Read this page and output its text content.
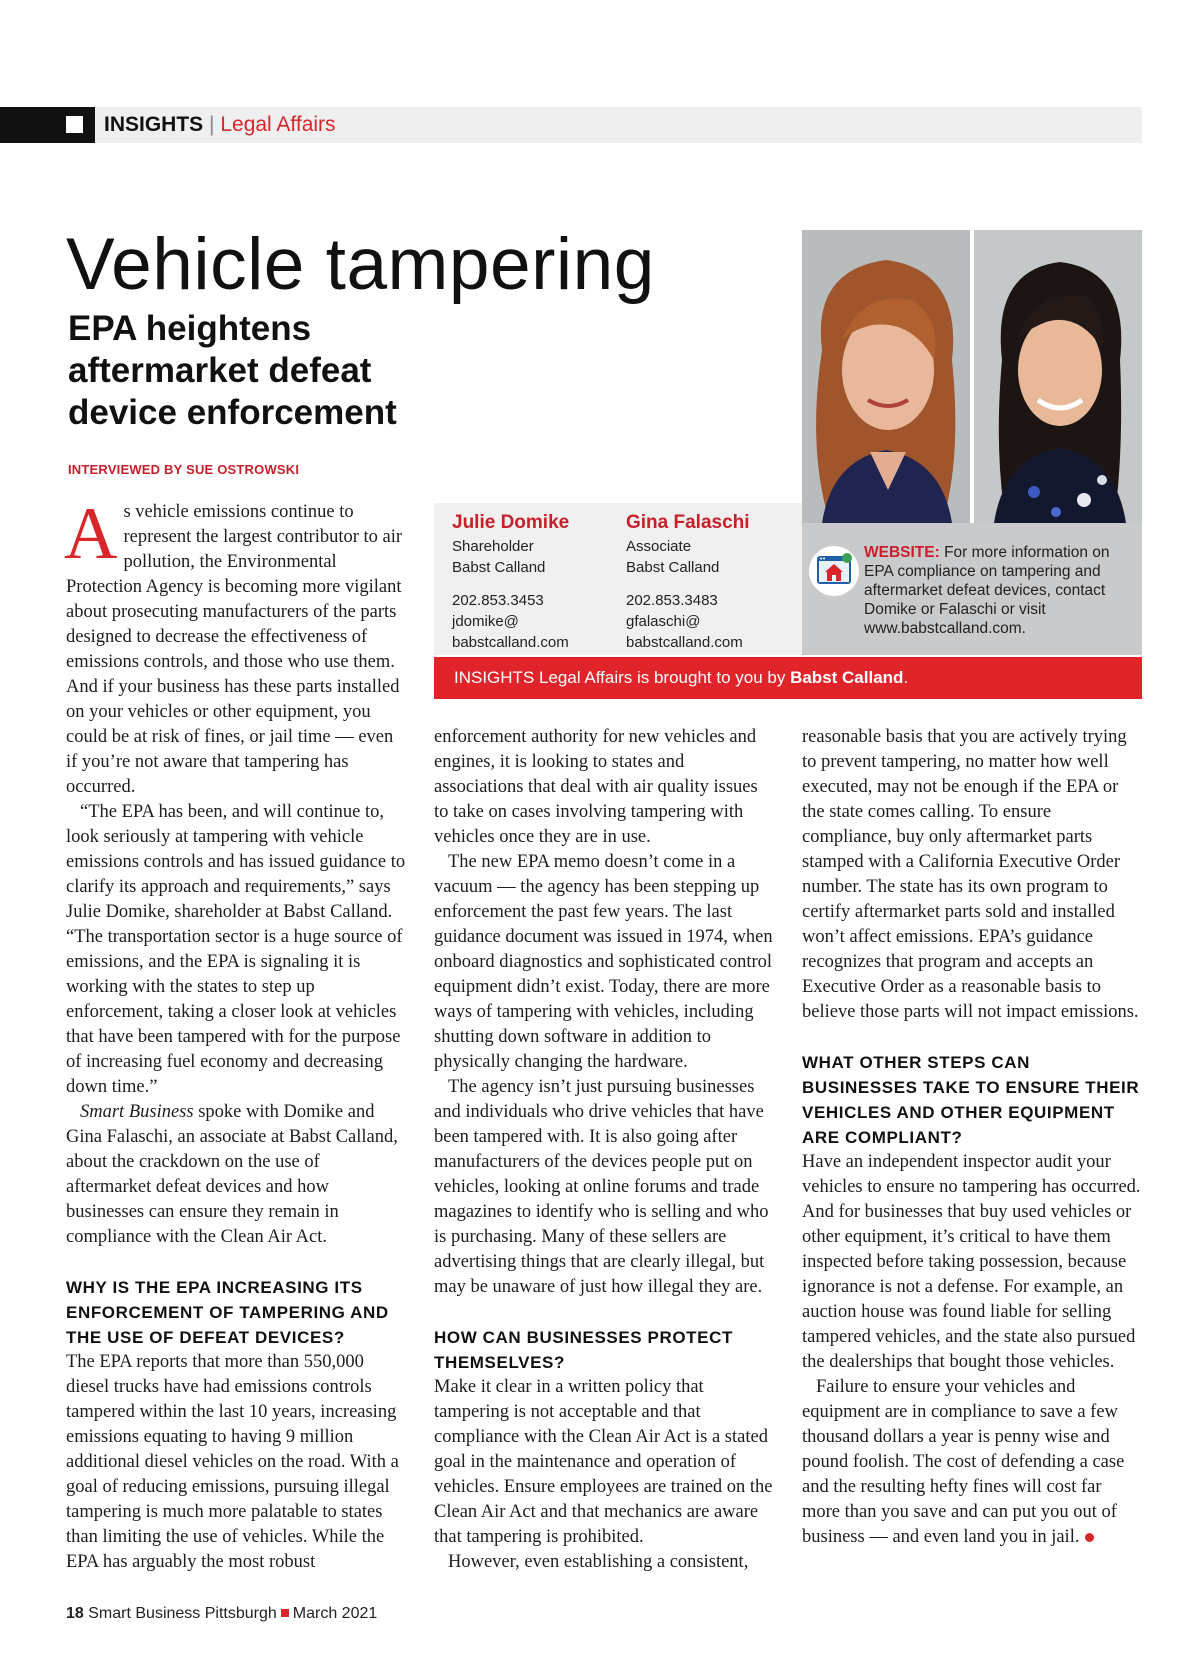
INSIGHTS | Legal Affairs
Vehicle tampering
EPA heightens aftermarket defeat device enforcement
INTERVIEWED BY SUE OSTROWSKI
Julie Domike
Shareholder
Babst Calland
202.853.3453
jdomike@
babstcalland.com
Gina Falaschi
Associate
Babst Calland
202.853.3483
gfalaschi@
babstcalland.com
WEBSITE: For more information on EPA compliance on tampering and aftermarket defeat devices, contact Domike or Falaschi or visit www.babstcalland.com.
INSIGHTS Legal Affairs is brought to you by Babst Calland.

As vehicle emissions continue to represent the largest contributor to air pollution, the Environmental Protection Agency is becoming more vigilant about prosecuting manufacturers of the parts designed to decrease the effectiveness of emissions controls, and those who use them. And if your business has these parts installed on your vehicles or other equipment, you could be at risk of fines, or jail time — even if you’re not aware that tampering has occurred.

“The EPA has been, and will continue to, look seriously at tampering with vehicle emissions controls and has issued guidance to clarify its approach and requirements,” says Julie Domike, shareholder at Babst Calland. “The transportation sector is a huge source of emissions, and the EPA is signaling it is working with the states to step up enforcement, taking a closer look at vehicles that have been tampered with for the purpose of increasing fuel economy and decreasing down time.”

Smart Business spoke with Domike and Gina Falaschi, an associate at Babst Calland, about the crackdown on the use of aftermarket defeat devices and how businesses can ensure they remain in compliance with the Clean Air Act.

WHY IS THE EPA INCREASING ITS ENFORCEMENT OF TAMPERING AND THE USE OF DEFEAT DEVICES?

The EPA reports that more than 550,000 diesel trucks have had emissions controls tampered within the last 10 years, increasing emissions equating to having 9 million additional diesel vehicles on the road. With a goal of reducing emissions, pursuing illegal tampering is much more palatable to states than limiting the use of vehicles. While the EPA has arguably the most robust

enforcement authority for new vehicles and engines, it is looking to states and associations that deal with air quality issues to take on cases involving tampering with vehicles once they are in use.

The new EPA memo doesn’t come in a vacuum — the agency has been stepping up enforcement the past few years. The last guidance document was issued in 1974, when onboard diagnostics and sophisticated control equipment didn’t exist. Today, there are more ways of tampering with vehicles, including shutting down software in addition to physically changing the hardware.

The agency isn’t just pursuing businesses and individuals who drive vehicles that have been tampered with. It is also going after manufacturers of the devices people put on vehicles, looking at online forums and trade magazines to identify who is selling and who is purchasing. Many of these sellers are advertising things that are clearly illegal, but may be unaware of just how illegal they are.

HOW CAN BUSINESSES PROTECT THEMSELVES?

Make it clear in a written policy that tampering is not acceptable and that compliance with the Clean Air Act is a stated goal in the maintenance and operation of vehicles. Ensure employees are trained on the Clean Air Act and that mechanics are aware that tampering is prohibited.

However, even establishing a consistent,

reasonable basis that you are actively trying to prevent tampering, no matter how well executed, may not be enough if the EPA or the state comes calling. To ensure compliance, buy only aftermarket parts stamped with a California Executive Order number. The state has its own program to certify aftermarket parts sold and installed won’t affect emissions. EPA’s guidance recognizes that program and accepts an Executive Order as a reasonable basis to believe those parts will not impact emissions.

WHAT OTHER STEPS CAN BUSINESSES TAKE TO ENSURE THEIR VEHICLES AND OTHER EQUIPMENT ARE COMPLIANT?

Have an independent inspector audit your vehicles to ensure no tampering has occurred. And for businesses that buy used vehicles or other equipment, it’s critical to have them inspected before taking possession, because ignorance is not a defense. For example, an auction house was found liable for selling tampered vehicles, and the state also pursued the dealerships that bought those vehicles.

Failure to ensure your vehicles and equipment are in compliance to save a few thousand dollars a year is penny wise and pound foolish. The cost of defending a case and the resulting hefty fines will cost far more than you save and can put you out of business — and even land you in jail.

18 Smart Business Pittsburgh March 2021
